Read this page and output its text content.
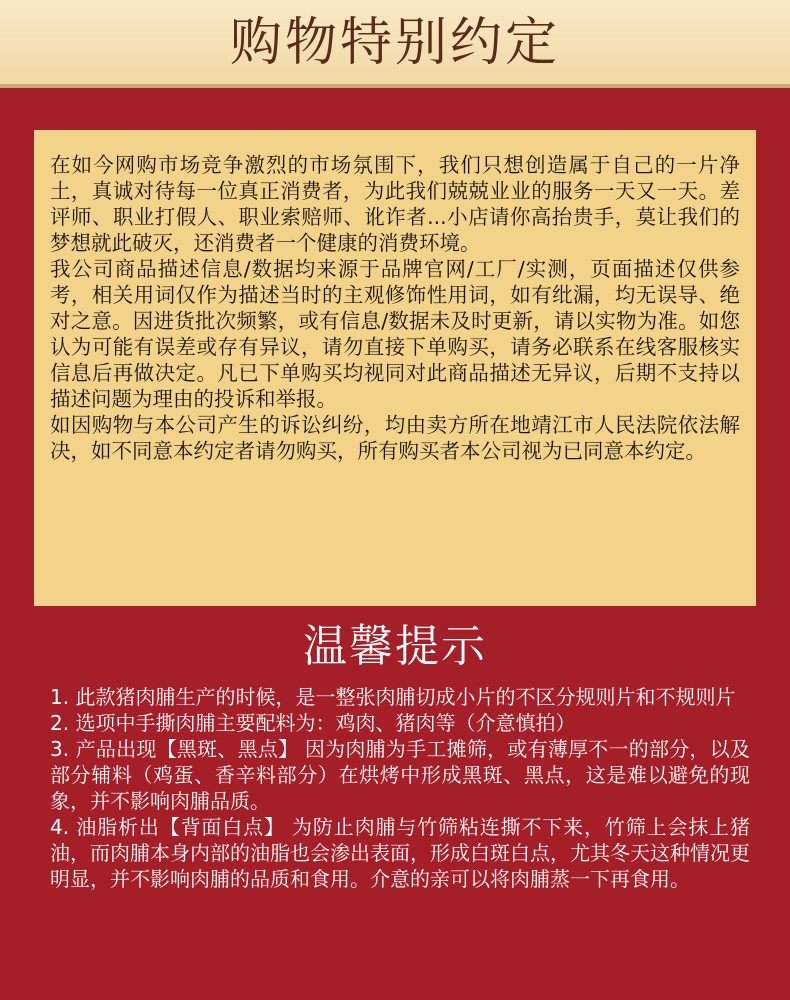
购物特别约定

在如今网购市场竞争激烈的市场氛围下，我们只想创造属于自己的一片净土，真诚对待每一位真正消费者，为此我们兢兢业业的服务一天又一天。差评师、职业打假人、职业索赔师、讹诈者...小店请你高抬贵手，莫让我们的梦想就此破灭，还消费者一个健康的消费环境。

我公司商品描述信息/数据均来源于品牌官网/工厂/实测，页面描述仅供参考，相关用词仅作为描述当时的主观修饰性用词，如有纰漏，均无误导、绝对之意。因进货批次频繁，或有信息/数据未及时更新，请以实物为准。如您认为可能有误差或存有异议，请勿直接下单购买，请务必联系在线客服核实信息后再做决定。凡已下单购买均视同对此商品描述无异议，后期不支持以描述问题为理由的投诉和举报。

如因购物与本公司产生的诉讼纠纷，均由卖方所在地靖江市人民法院依法解决，如不同意本约定者请勿购买，所有购买者本公司视为已同意本约定。

温馨提示
1. 此款猪肉脯生产的时候，是一整张肉脯切成小片的不区分规则片和不规则片
2. 选项中手撕肉脯主要配料为：鸡肉、猪肉等（介意慎拍）
3. 产品出现【黑斑、黑点】 因为肉脯为手工摊筛，或有薄厚不一的部分，以及部分辅料（鸡蛋、香辛料部分）在烘烤中形成黑斑、黑点，这是难以避免的现象，并不影响肉脯品质。
4. 油脂析出【背面白点】 为防止肉脯与竹筛粘连撕不下来，竹筛上会抹上猪油，而肉脯本身内部的油脂也会渗出表面，形成白斑白点，尤其冬天这种情况更明显，并不影响肉脯的品质和食用。介意的亲可以将肉脯蒸一下再食用。
